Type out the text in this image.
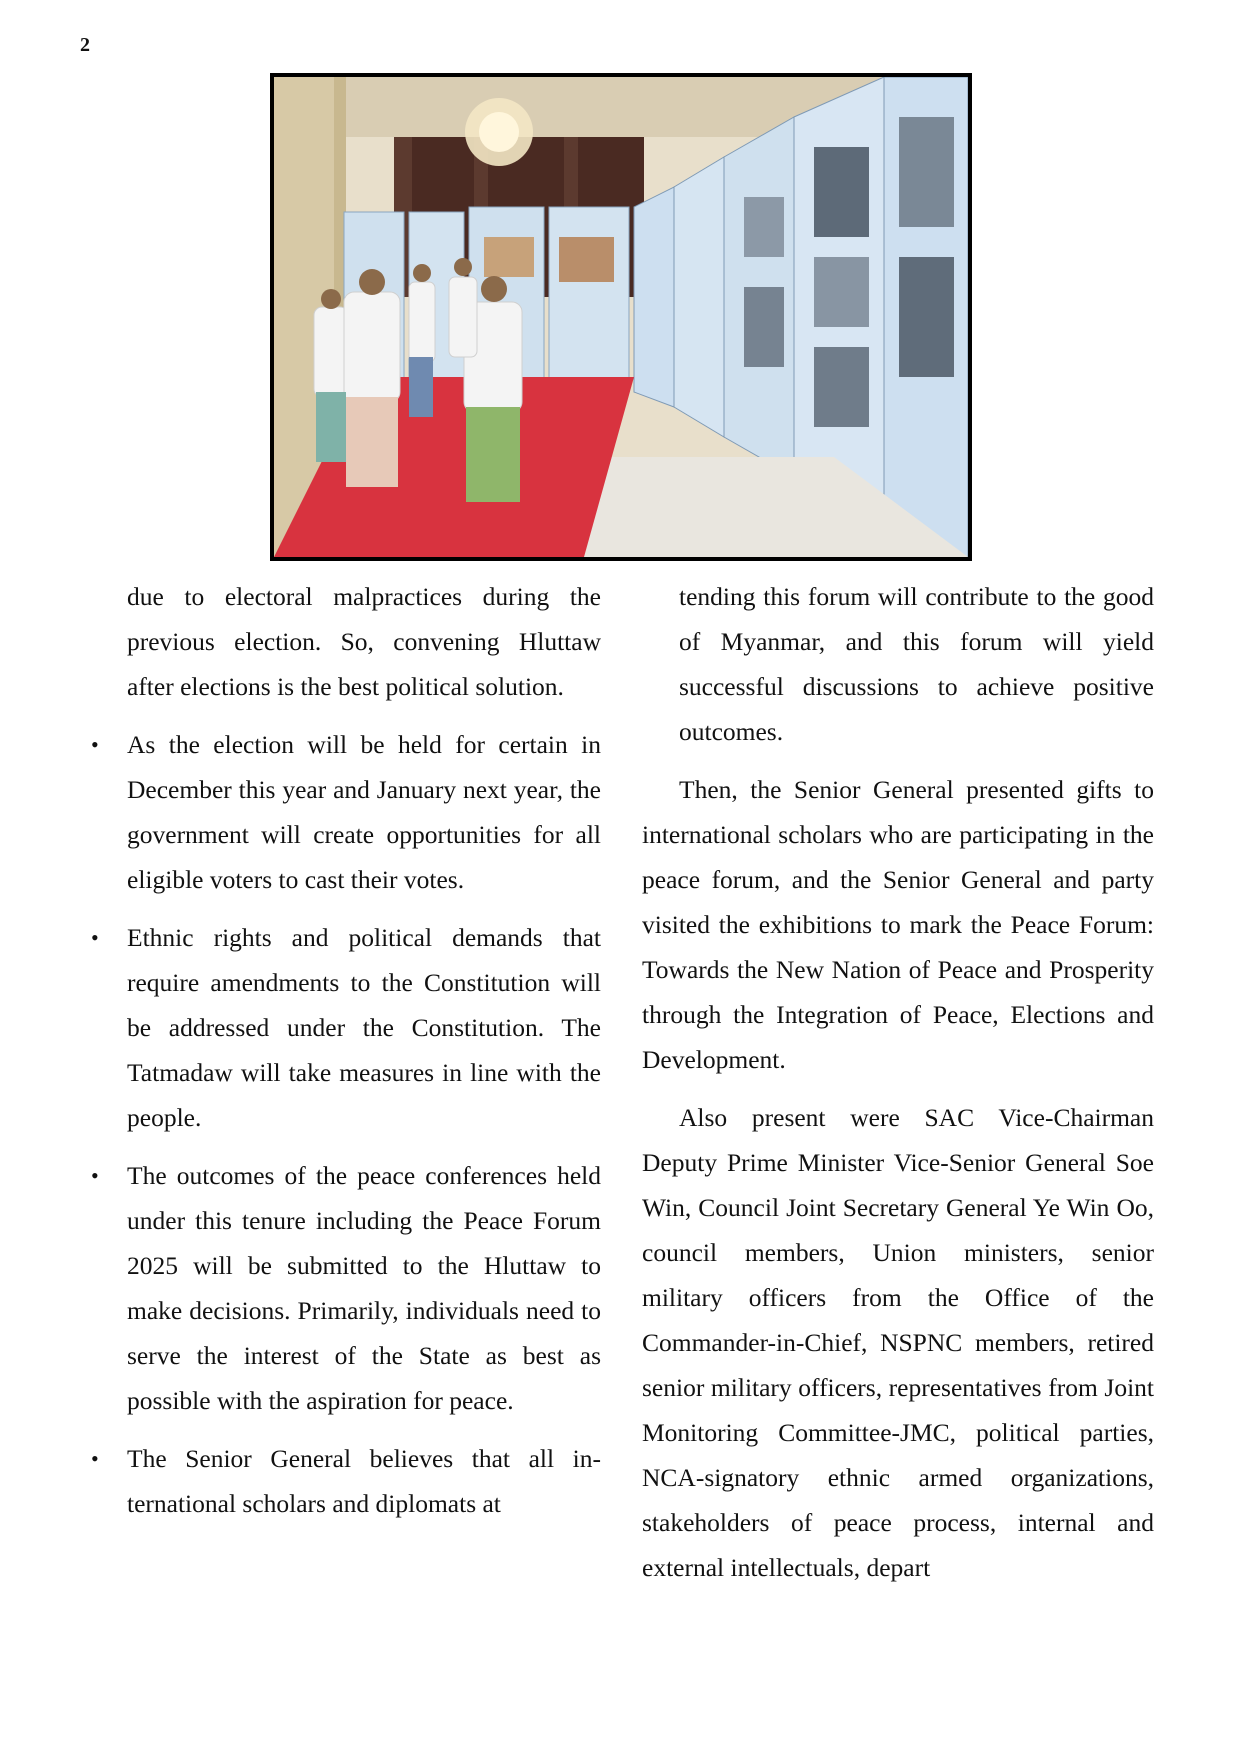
2

due to electoral malpractices during the previous election. So, convening Hluttaw after elections is the best political solution.

• As the election will be held for certain in December this year and January next year, the government will create opportunities for all eligible voters to cast their votes.
• Ethnic rights and political demands that require amendments to the Constitution will be addressed under the Constitution. The Tatmadaw will take measures in line with the people.
• The outcomes of the peace conferences held under this tenure including the Peace Forum 2025 will be submitted to the Hluttaw to make decisions. Primarily, individuals need to serve the interest of the State as best as possible with the aspiration for peace.
• The Senior General believes that all international scholars and diplomats at

tending this forum will contribute to the good of Myanmar, and this forum will yield successful discussions to achieve positive outcomes.

Then, the Senior General presented gifts to international scholars who are participating in the peace forum, and the Senior General and party visited the exhibitions to mark the Peace Forum: Towards the New Nation of Peace and Prosperity through the Integration of Peace, Elections and Development.

Also present were SAC Vice-Chairman Deputy Prime Minister Vice-Senior General Soe Win, Council Joint Secretary General Ye Win Oo, council members, Union ministers, senior military officers from the Office of the Commander-in-Chief, NSPNC members, retired senior military officers, representatives from Joint Monitoring Committee-JMC, political parties, NCA-signatory ethnic armed organizations, stakeholders of peace process, internal and external intellectuals, depart
